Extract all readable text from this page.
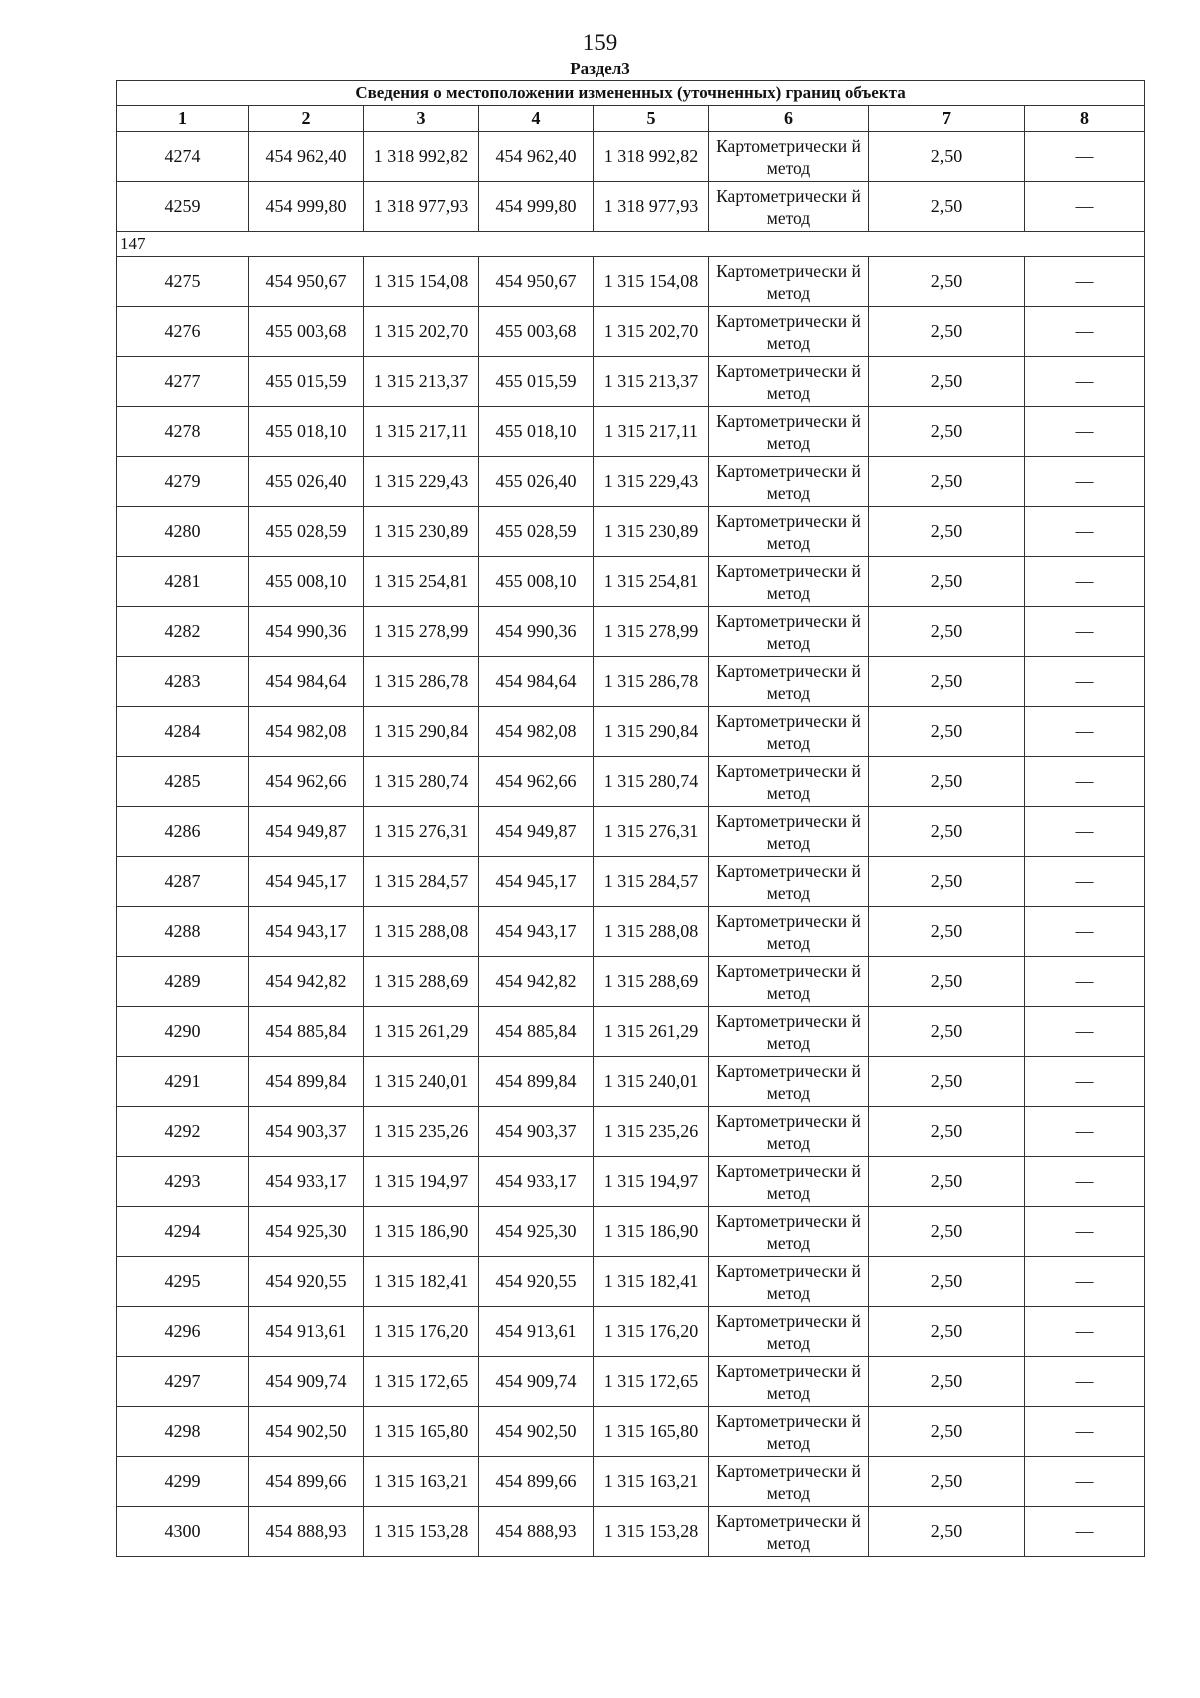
159
Раздел3
Сведения о местоположении измененных (уточненных) границ объекта							
1	2	3	4	5	6	7	8
4274	454 962,40	1 318 992,82	454 962,40	1 318 992,82	Картометрически й метод	2,50	—
4259	454 999,80	1 318 977,93	454 999,80	1 318 977,93	Картометрически й метод	2,50	—
147							
4275	454 950,67	1 315 154,08	454 950,67	1 315 154,08	Картометрически й метод	2,50	—
4276	455 003,68	1 315 202,70	455 003,68	1 315 202,70	Картометрически й метод	2,50	—
4277	455 015,59	1 315 213,37	455 015,59	1 315 213,37	Картометрически й метод	2,50	—
4278	455 018,10	1 315 217,11	455 018,10	1 315 217,11	Картометрически й метод	2,50	—
4279	455 026,40	1 315 229,43	455 026,40	1 315 229,43	Картометрически й метод	2,50	—
4280	455 028,59	1 315 230,89	455 028,59	1 315 230,89	Картометрически й метод	2,50	—
4281	455 008,10	1 315 254,81	455 008,10	1 315 254,81	Картометрически й метод	2,50	—
4282	454 990,36	1 315 278,99	454 990,36	1 315 278,99	Картометрически й метод	2,50	—
4283	454 984,64	1 315 286,78	454 984,64	1 315 286,78	Картометрически й метод	2,50	—
4284	454 982,08	1 315 290,84	454 982,08	1 315 290,84	Картометрически й метод	2,50	—
4285	454 962,66	1 315 280,74	454 962,66	1 315 280,74	Картометрически й метод	2,50	—
4286	454 949,87	1 315 276,31	454 949,87	1 315 276,31	Картометрически й метод	2,50	—
4287	454 945,17	1 315 284,57	454 945,17	1 315 284,57	Картометрически й метод	2,50	—
4288	454 943,17	1 315 288,08	454 943,17	1 315 288,08	Картометрически й метод	2,50	—
4289	454 942,82	1 315 288,69	454 942,82	1 315 288,69	Картометрически й метод	2,50	—
4290	454 885,84	1 315 261,29	454 885,84	1 315 261,29	Картометрически й метод	2,50	—
4291	454 899,84	1 315 240,01	454 899,84	1 315 240,01	Картометрически й метод	2,50	—
4292	454 903,37	1 315 235,26	454 903,37	1 315 235,26	Картометрически й метод	2,50	—
4293	454 933,17	1 315 194,97	454 933,17	1 315 194,97	Картометрически й метод	2,50	—
4294	454 925,30	1 315 186,90	454 925,30	1 315 186,90	Картометрически й метод	2,50	—
4295	454 920,55	1 315 182,41	454 920,55	1 315 182,41	Картометрически й метод	2,50	—
4296	454 913,61	1 315 176,20	454 913,61	1 315 176,20	Картометрически й метод	2,50	—
4297	454 909,74	1 315 172,65	454 909,74	1 315 172,65	Картометрически й метод	2,50	—
4298	454 902,50	1 315 165,80	454 902,50	1 315 165,80	Картометрически й метод	2,50	—
4299	454 899,66	1 315 163,21	454 899,66	1 315 163,21	Картометрически й метод	2,50	—
4300	454 888,93	1 315 153,28	454 888,93	1 315 153,28	Картометрически й метод	2,50	—
